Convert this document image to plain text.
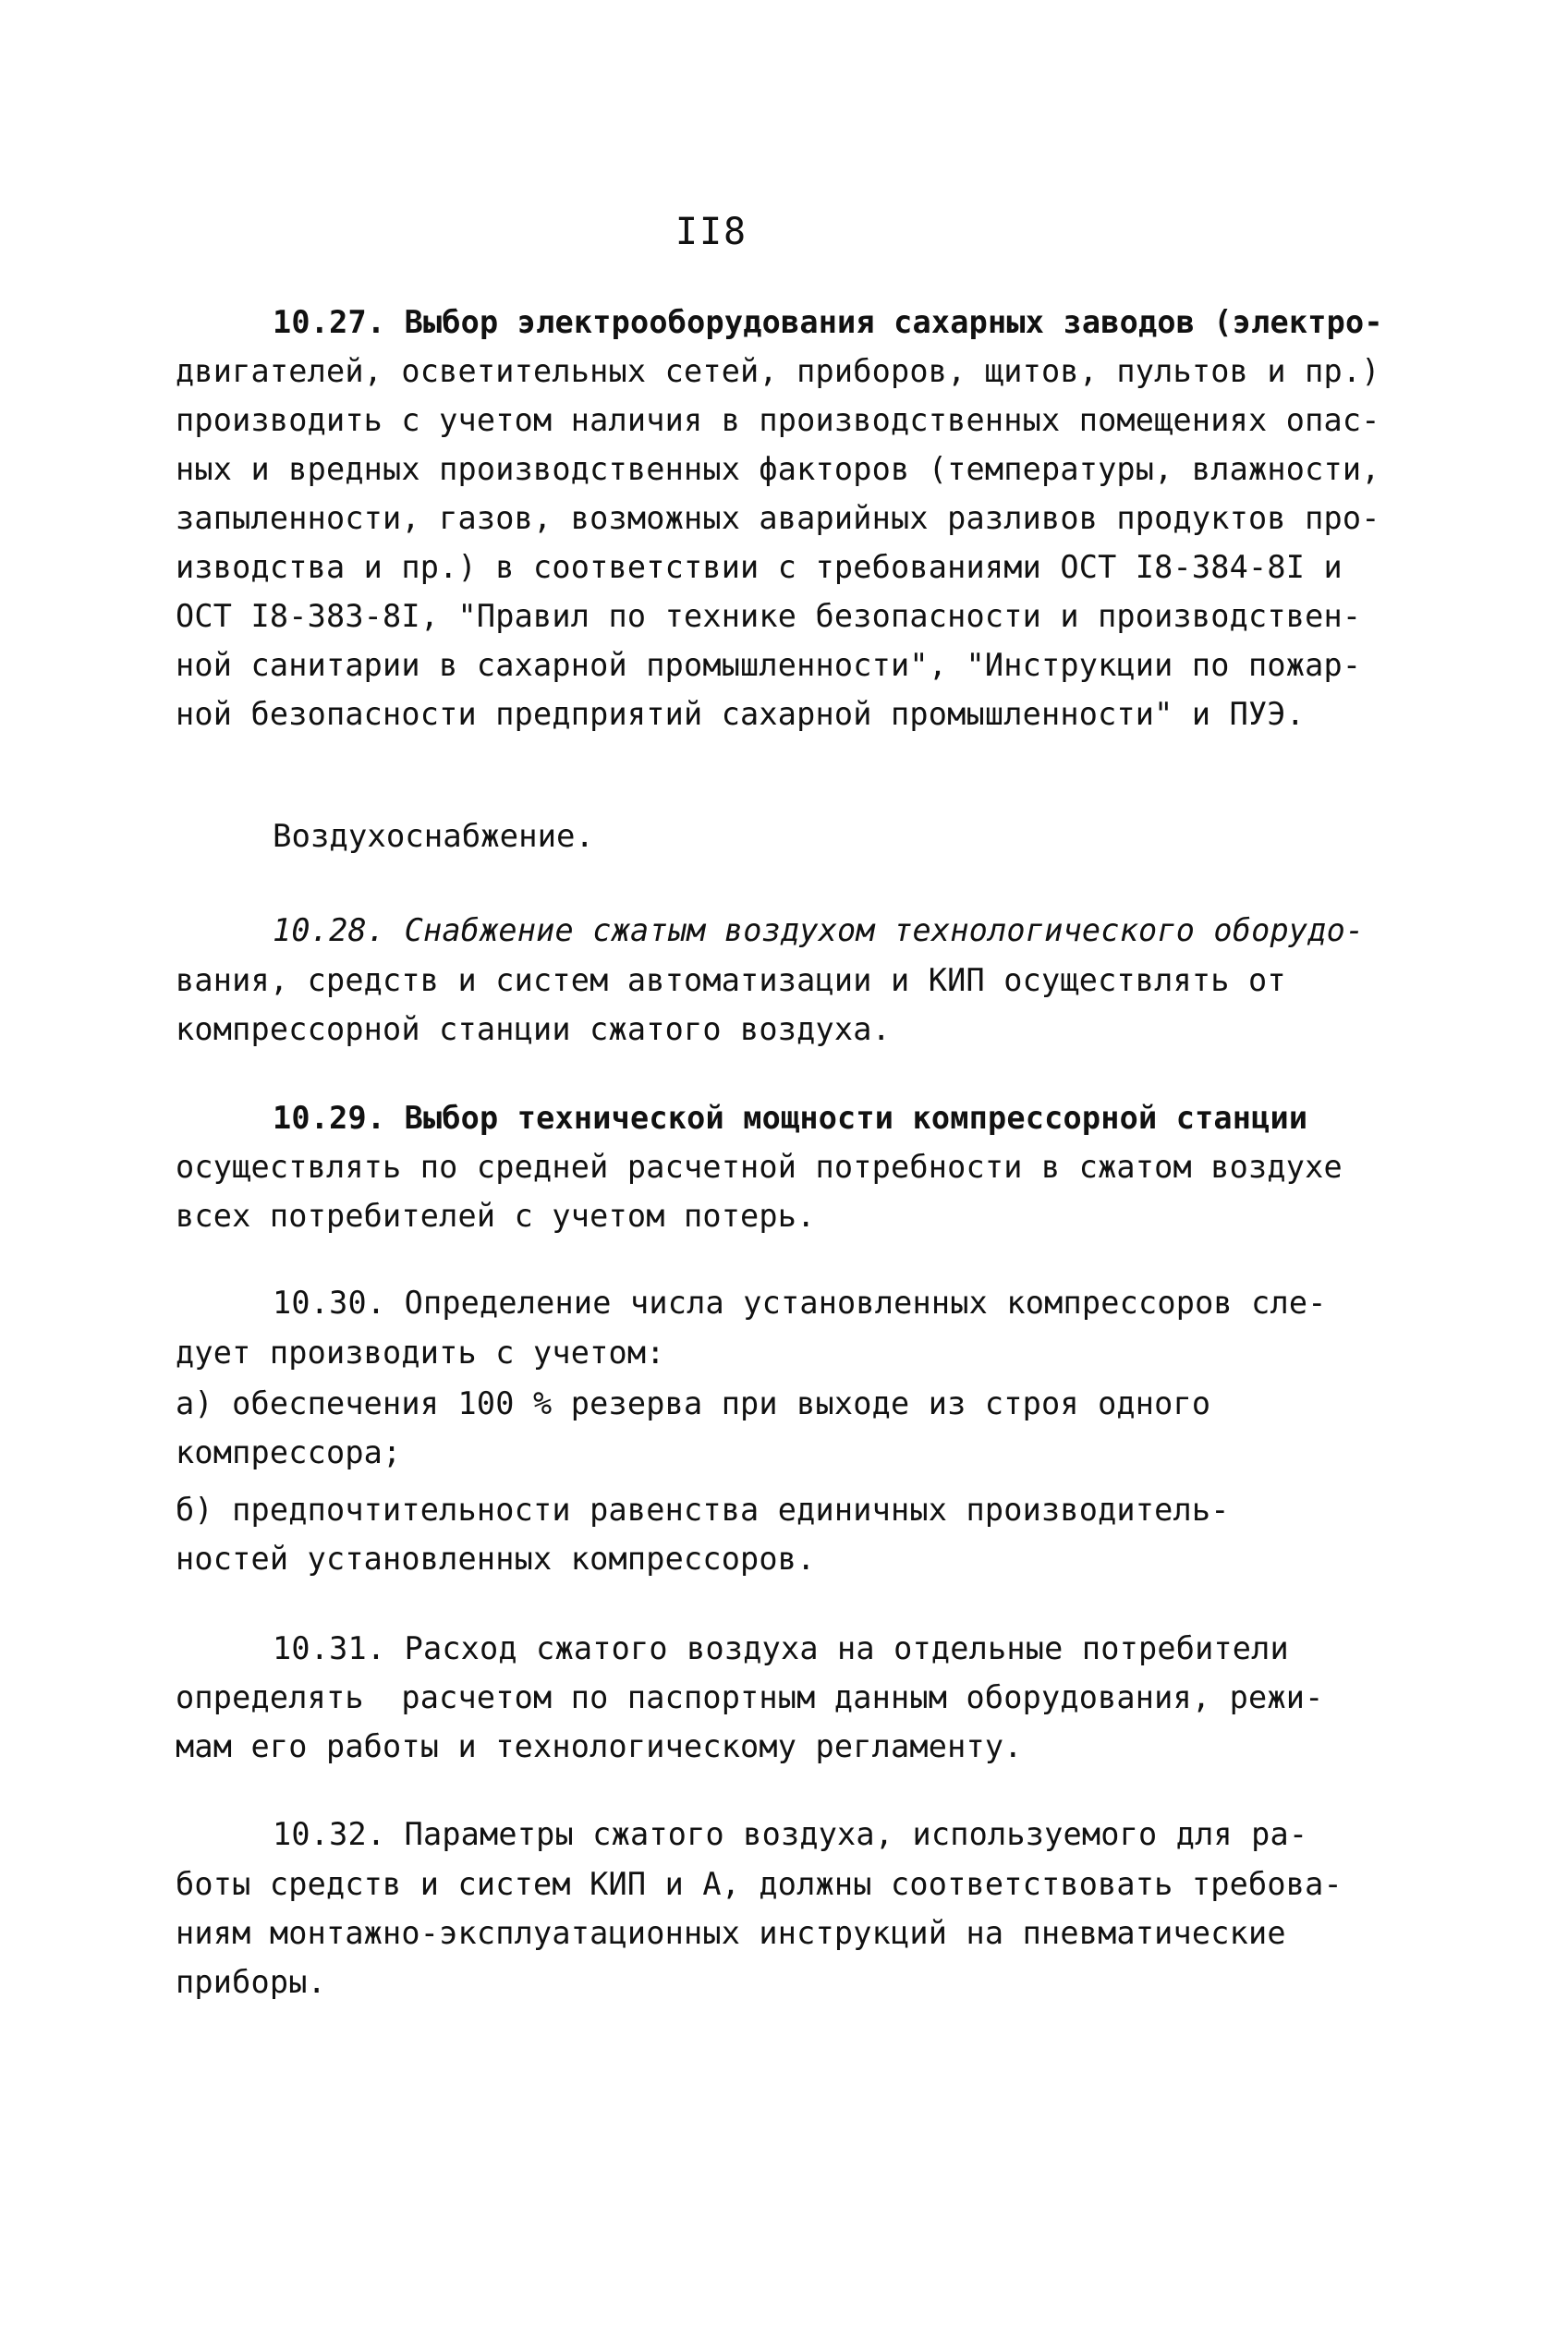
II8
10.27. Выбор электрооборудования сахарных заводов (электро-
двигателей, осветительных сетей, приборов, щитов, пультов и пр.)
производить с учетом наличия в производственных помещениях опас-
ных и вредных производственных факторов (температуры, влажности,
запыленности, газов, возможных аварийных разливов продуктов про-
изводства и пр.) в соответствии с требованиями ОСТ I8-384-8I и
ОСТ I8-383-8I, "Правил по технике безопасности и производствен-
ной санитарии в сахарной промышленности", "Инструкции по пожар-
ной безопасности предприятий сахарной промышленности" и ПУЭ.
Воздухоснабжение.
10.28. Снабжение сжатым воздухом технологического оборудо-
вания, средств и систем автоматизации и КИП осуществлять от
компрессорной станции сжатого воздуха.
10.29. Выбор технической мощности компрессорной станции
осуществлять по средней расчетной потребности в сжатом воздухе
всех потребителей с учетом потерь.
10.30. Определение числа установленных компрессоров сле-
дует производить с учетом:
а) обеспечения 100 % резерва при выходе из строя одного
компрессора;
б) предпочтительности равенства единичных производитель-
ностей установленных компрессоров.
10.31. Расход сжатого воздуха на отдельные потребители
определять  расчетом по паспортным данным оборудования, режи-
мам его работы и технологическому регламенту.
10.32. Параметры сжатого воздуха, используемого для ра-
боты средств и систем КИП и А, должны соответствовать требова-
ниям монтажно-эксплуатационных инструкций на пневматические
приборы.
